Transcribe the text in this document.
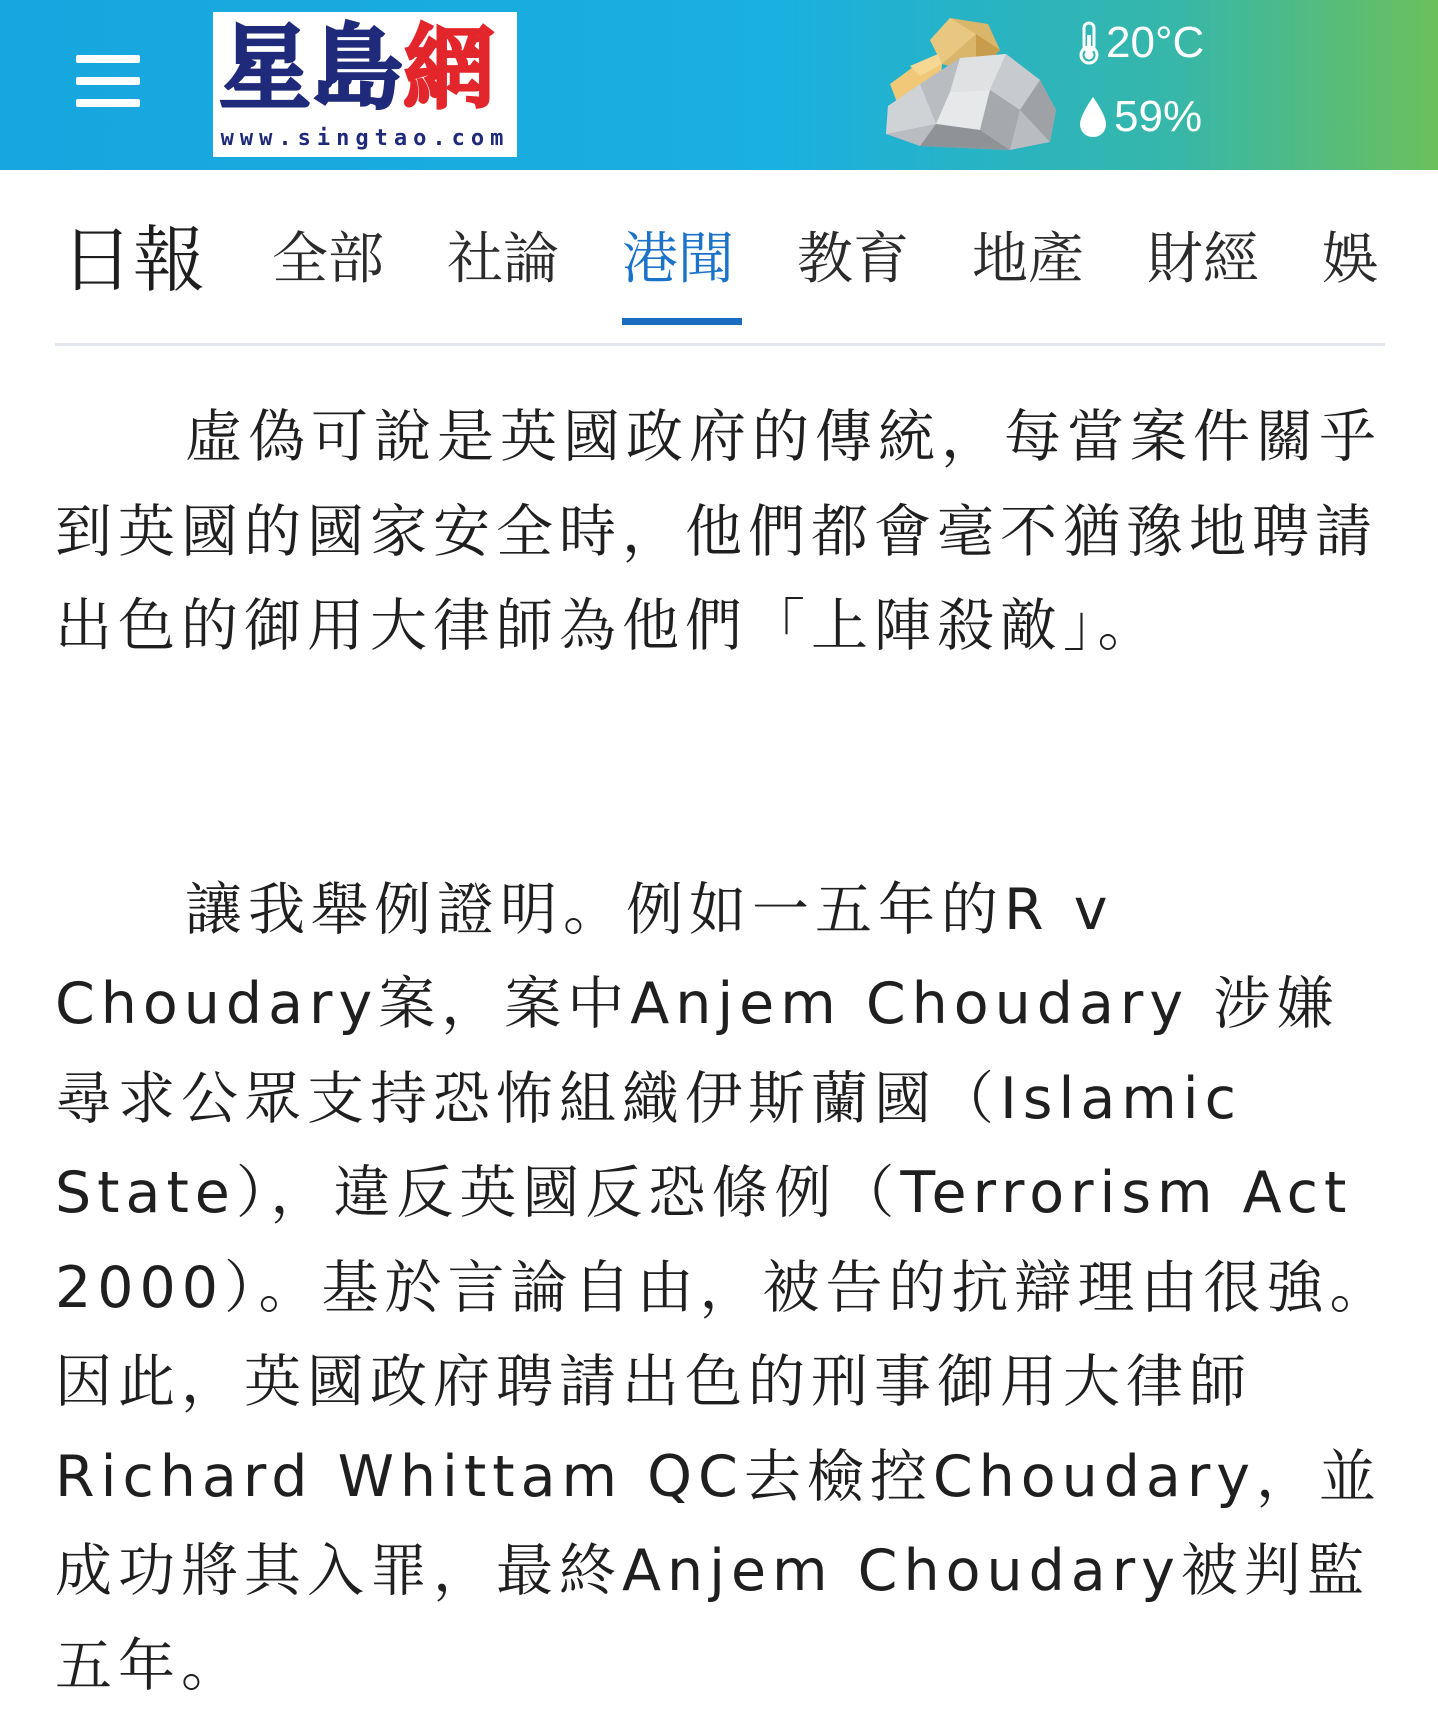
星 島 網
www.singtao.com
20°C
59%
日報 全部 社論 港聞 教育 地產 財經 娛

虛偽可說是英國政府的傳統，每當案件關乎到英國的國家安全時，他們都會毫不猶豫地聘請出色的御用大律師為他們「上陣殺敵」。

讓我舉例證明。例如一五年的R v Choudary案，案中Anjem Choudary 涉嫌尋求公眾支持恐怖組織伊斯蘭國（Islamic State），違反英國反恐條例（Terrorism Act 2000）。基於言論自由，被告的抗辯理由很強。因此，英國政府聘請出色的刑事御用大律師Richard Whittam QC去檢控Choudary，並成功將其入罪，最終Anjem Choudary被判監五年。
